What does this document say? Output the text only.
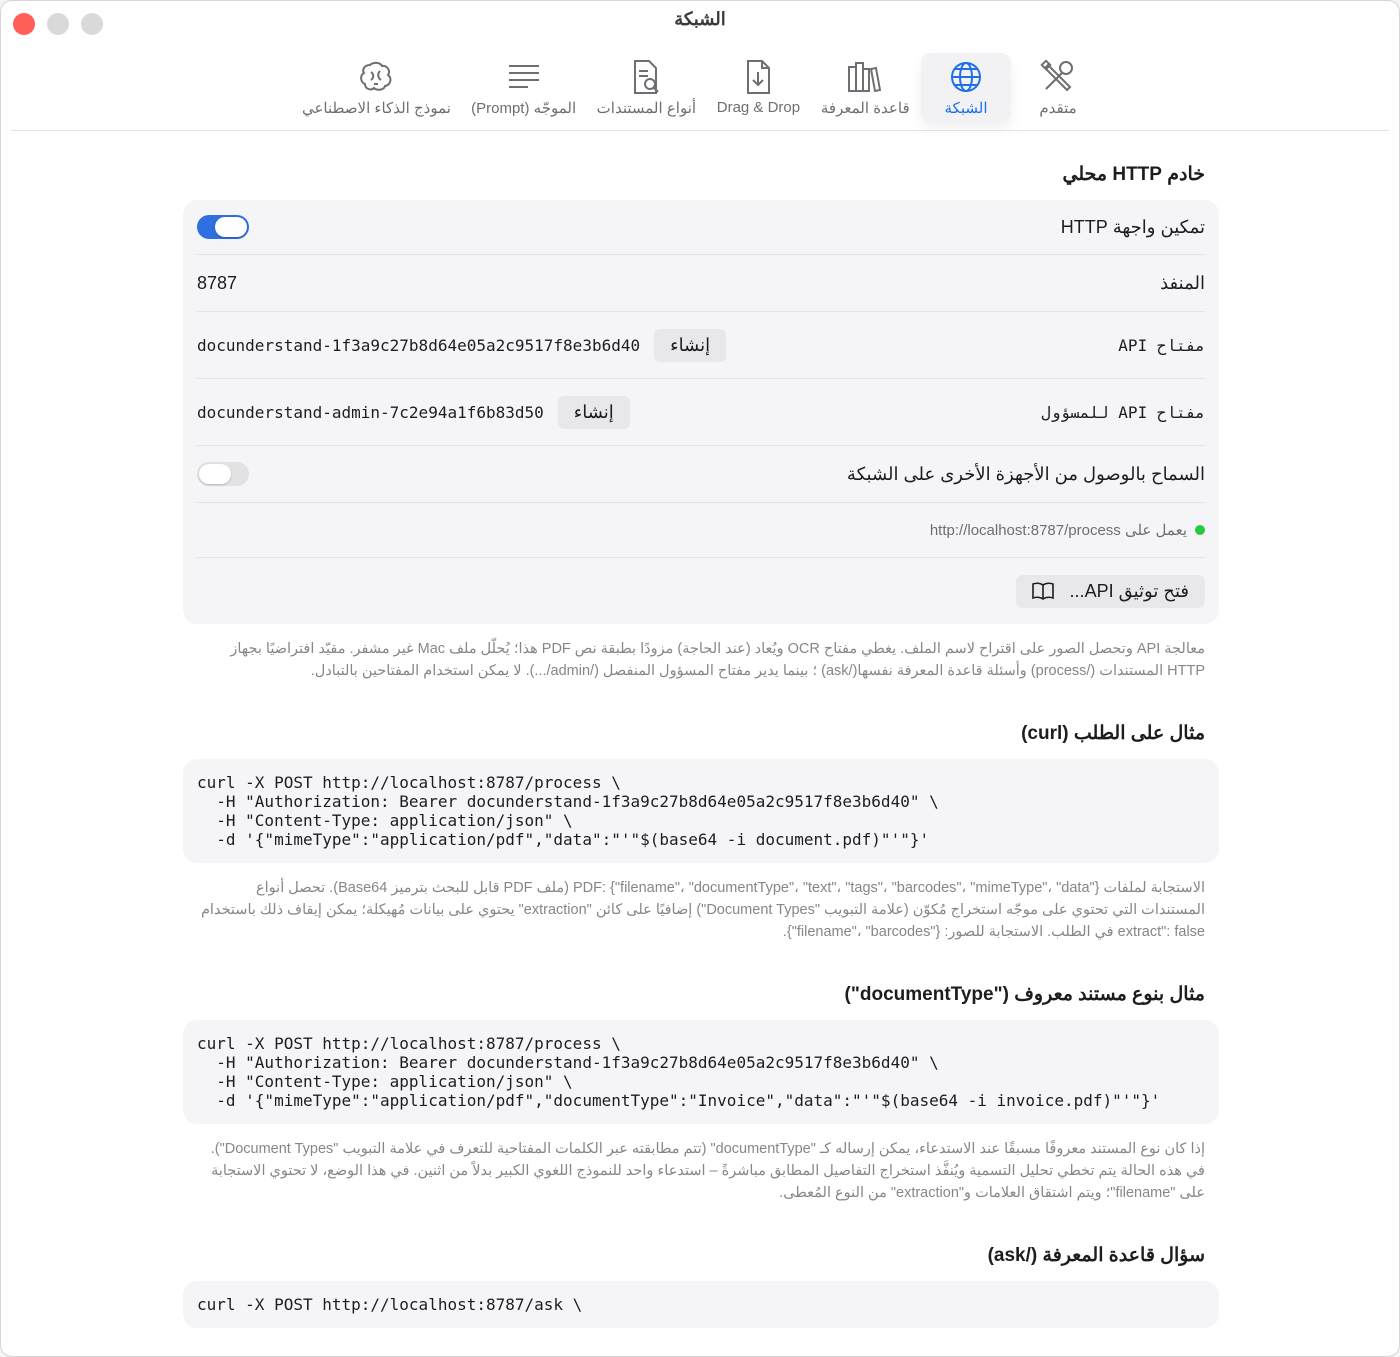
الشبكة
متقدم
الشبكة
قاعدة المعرفة
Drag & Drop
أنواع المستندات
الموجّه (Prompt)
نموذج الذكاء الاصطناعي
خادم HTTP محلي
تمكين واجهة HTTP
المنفذ
8787
مفتاح API
docunderstand-1f3a9c27b8d64e05a2c9517f8e3b6d40	إنشاء
مفتاح API للمسؤول
docunderstand-admin-7c2e94a1f6b83d50	إنشاء
السماح بالوصول من الأجهزة الأخرى على الشبكة
يعمل على http://localhost:8787/process
فتح توثيق API...
معالجة API وتحصل الصور على اقتراح لاسم الملف. يغطي مفتاح OCR ويُعاد (عند الحاجة) مزودًا بطبقة نص PDF هذا؛ يُحلّل ملف Mac غير مشفر. مقيّد افتراضيًا بجهاز HTTP المستندات (/process) وأسئلة قاعدة المعرفة نفسها(/ask) ؛ بينما يدير مفتاح المسؤول المنفصل (/admin/...). لا يمكن استخدام المفتاحين بالتبادل.
مثال على الطلب (curl)
curl -X POST http://localhost:8787/process \
-H "Authorization: Bearer docunderstand-1f3a9c27b8d64e05a2c9517f8e3b6d40" \
-H "Content-Type: application/json" \
-d '{"mimeType":"application/pdf","data":"'"$(base64 -i document.pdf)"'"}'
الاستجابة لملفات PDF: {"filename"، "documentType"، "text"، "tags"، "barcodes"، "mimeType"، "data"} (ملف PDF قابل للبحث بترميز Base64). تحصل أنواع المستندات التي تحتوي على موجّه استخراج مُكوّن (علامة التبويب "Document Types") إضافيًا على كائن "extraction" يحتوي على بيانات مُهيكلة؛ يمكن إيقاف ذلك باستخدام extract": false في الطلب. الاستجابة للصور: {"filename"، "barcodes"}.
مثال بنوع مستند معروف ("documentType")
curl -X POST http://localhost:8787/process \
-H "Authorization: Bearer docunderstand-1f3a9c27b8d64e05a2c9517f8e3b6d40" \
-H "Content-Type: application/json" \
-d '{"mimeType":"application/pdf","documentType":"Invoice","data":"'"$(base64 -i invoice.pdf)"'"}'
إذا كان نوع المستند معروفًا مسبقًا عند الاستدعاء، يمكن إرساله كـ "documentType" (تتم مطابقته عبر الكلمات المفتاحية للتعرف في علامة التبويب "Document Types"). في هذه الحالة يتم تخطي تحليل التسمية ويُنفَّذ استخراج التفاصيل المطابق مباشرةً – استدعاء واحد للنموذج اللغوي الكبير بدلاً من اثنين. في هذا الوضع، لا تحتوي الاستجابة على "filename"؛ ويتم اشتقاق العلامات و"extraction" من النوع المُعطى.
سؤال قاعدة المعرفة (/ask)
curl -X POST http://localhost:8787/ask \
